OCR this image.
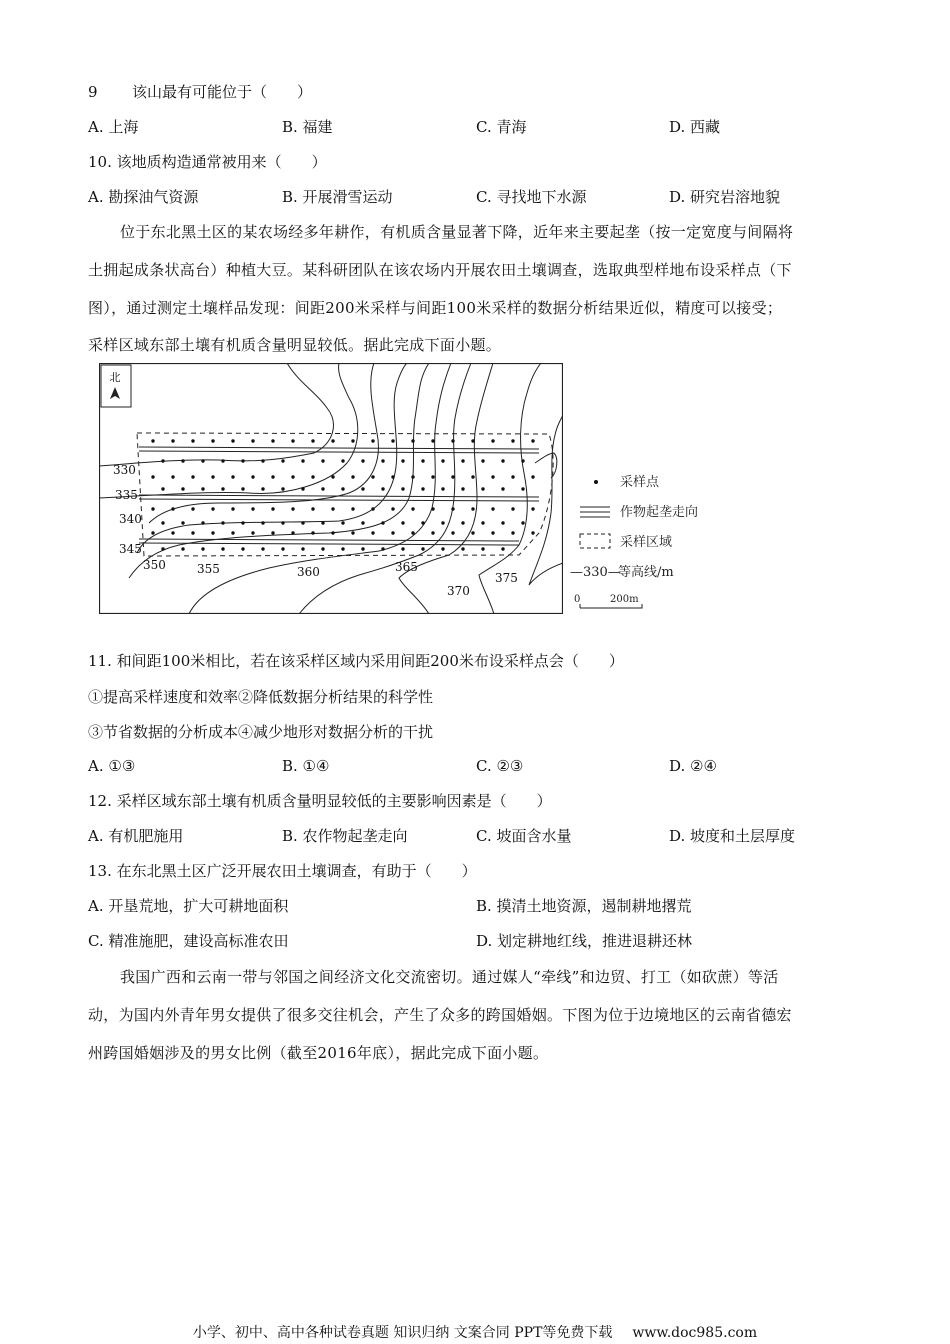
9 该山最有可能位于（　　）
A. 上海	B. 福建	C. 青海	D. 西藏
10. 该地质构造通常被用来（　　）
A. 勘探油气资源	B. 开展滑雪运动	C. 寻找地下水源	D. 研究岩溶地貌
位于东北黑土区的某农场经多年耕作，有机质含量显著下降，近年来主要起垄（按一定宽度与间隔将
土拥起成条状高台）种植大豆。某科研团队在该农场内开展农田土壤调查，选取典型样地布设采样点（下
图），通过测定土壤样品发现：间距200米采样与间距100米采样的数据分析结果近似，精度可以接受；
采样区域东部土壤有机质含量明显较低。据此完成下面小题。
北
330
335
340
345
350	355	360	365
370
375
采样点
作物起垄走向
采样区域
—330—
等高线/m
0	200m
11. 和间距100米相比，若在该采样区域内采用间距200米布设采样点会（　　）
①提高采样速度和效率②降低数据分析结果的科学性
③节省数据的分析成本④减少地形对数据分析的干扰
A. ①③	B. ①④	C. ②③	D. ②④
12. 采样区域东部土壤有机质含量明显较低的主要影响因素是（　　）
A. 有机肥施用	B. 农作物起垄走向	C. 坡面含水量	D. 坡度和土层厚度
13. 在东北黑土区广泛开展农田土壤调查，有助于（　　）
A. 开垦荒地，扩大可耕地面积	B. 摸清土地资源，遏制耕地撂荒
C. 精准施肥，建设高标准农田	D. 划定耕地红线，推进退耕还林
我国广西和云南一带与邻国之间经济文化交流密切。通过媒人“牵线”和边贸、打工（如砍蔗）等活
动，为国内外青年男女提供了很多交往机会，产生了众多的跨国婚姻。下图为位于边境地区的云南省德宏
州跨国婚姻涉及的男女比例（截至2016年底），据此完成下面小题。
小学、初中、高中各种试卷真题 知识归纳 文案合同 PPT等免费下载 www.doc985.com
